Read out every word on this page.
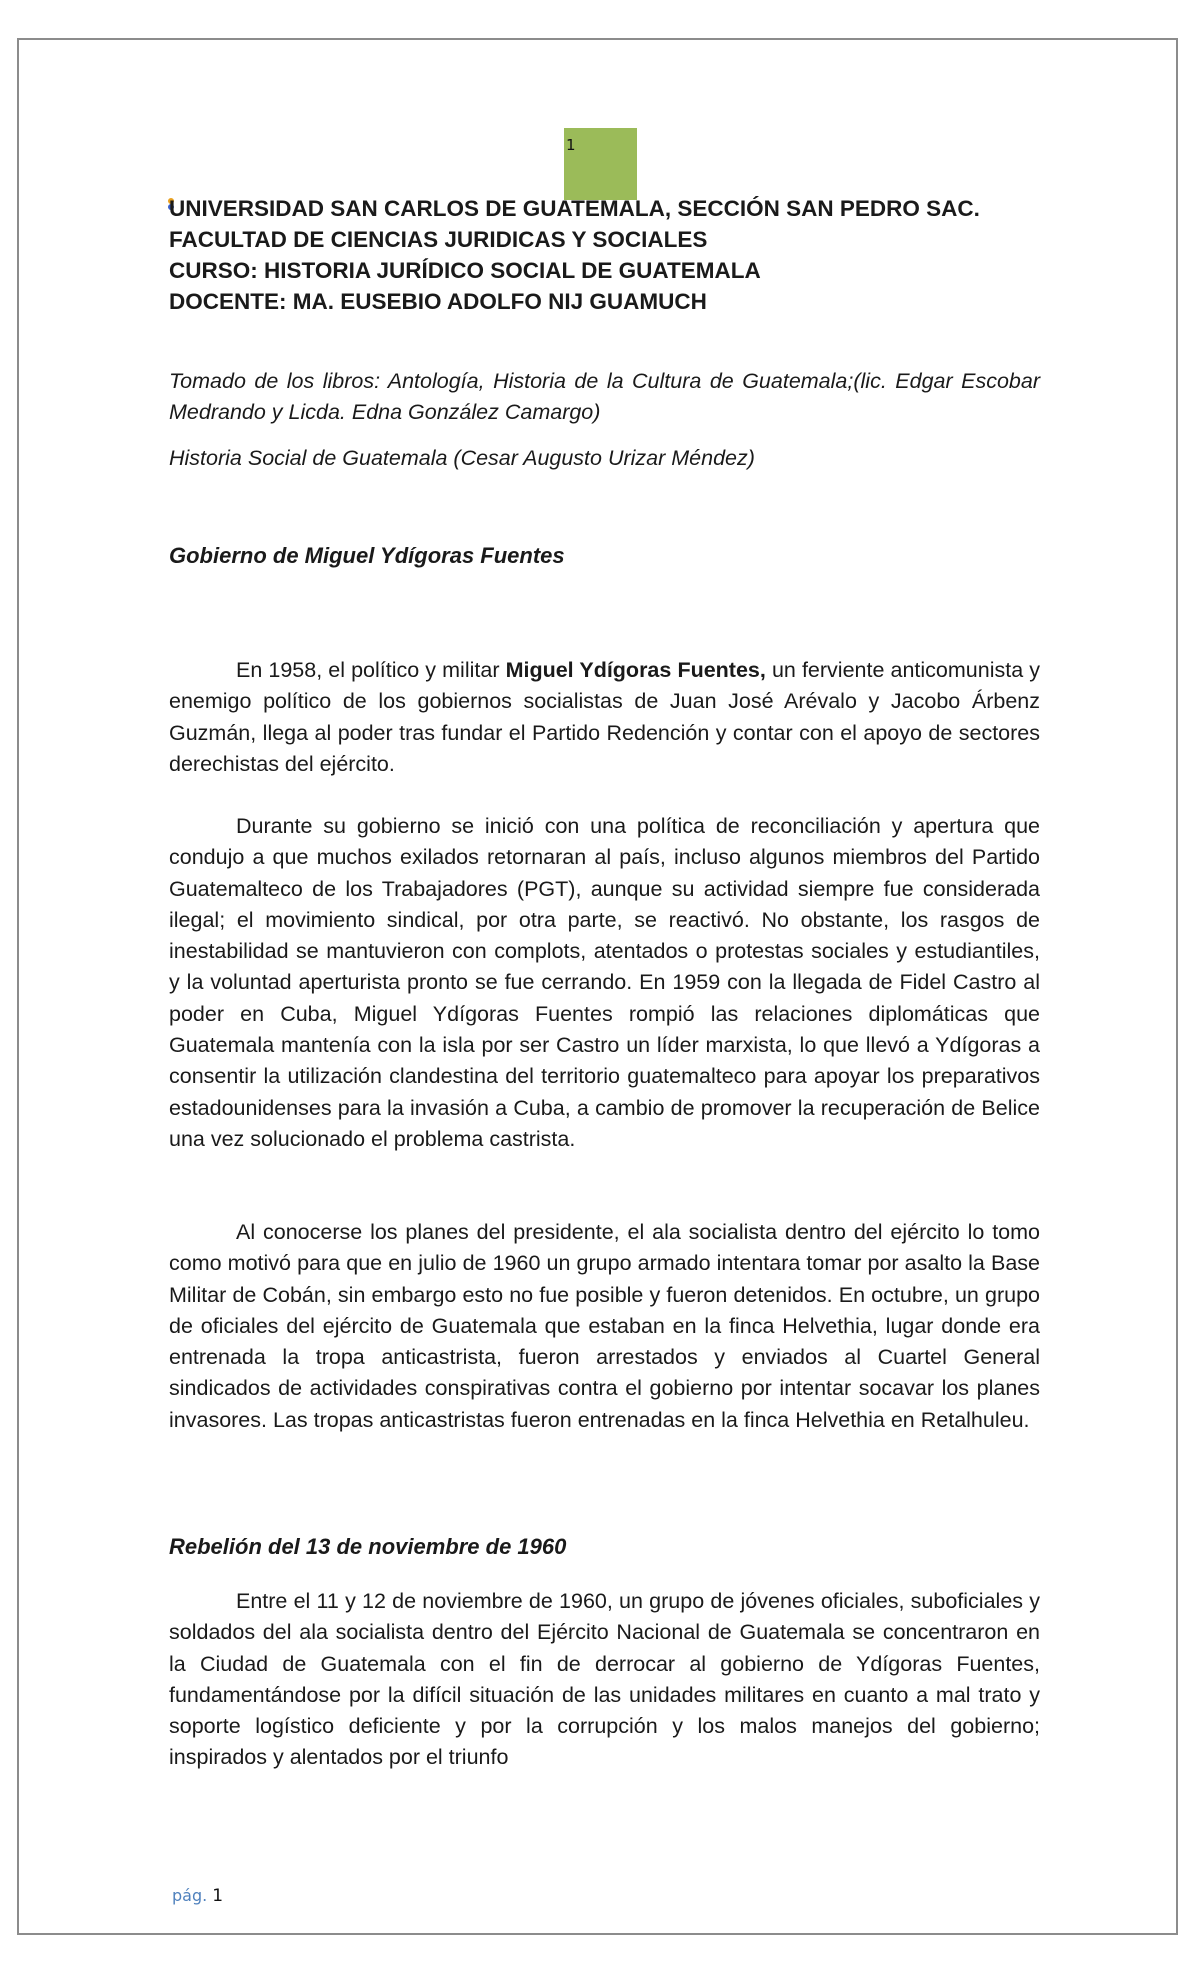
1
UNIVERSIDAD SAN CARLOS DE GUATEMALA, SECCIÓN SAN PEDRO SAC.
FACULTAD DE CIENCIAS JURIDICAS Y SOCIALES
CURSO: HISTORIA JURÍDICO SOCIAL DE GUATEMALA
DOCENTE: MA. EUSEBIO ADOLFO NIJ GUAMUCH
Tomado de los libros: Antología, Historia de la Cultura de Guatemala;(lic. Edgar Escobar Medrando y Licda. Edna González Camargo)
Historia Social de Guatemala (Cesar Augusto Urizar Méndez)
Gobierno de Miguel Ydígoras Fuentes
En 1958, el político y militar Miguel Ydígoras Fuentes, un ferviente anticomunista y enemigo político de los gobiernos socialistas de Juan José Arévalo y Jacobo Árbenz Guzmán, llega al poder tras fundar el Partido Redención y contar con el apoyo de sectores derechistas del ejército.
Durante su gobierno se inició con una política de reconciliación y apertura que condujo a que muchos exilados retornaran al país, incluso algunos miembros del Partido Guatemalteco de los Trabajadores (PGT), aunque su actividad siempre fue considerada ilegal; el movimiento sindical, por otra parte, se reactivó. No obstante, los rasgos de inestabilidad se mantuvieron con complots, atentados o protestas sociales y estudiantiles, y la voluntad aperturista pronto se fue cerrando. En 1959 con la llegada de Fidel Castro al poder en Cuba, Miguel Ydígoras Fuentes rompió las relaciones diplomáticas que Guatemala mantenía con la isla por ser Castro un líder marxista, lo que llevó a Ydígoras a consentir la utilización clandestina del territorio guatemalteco para apoyar los preparativos estadounidenses para la invasión a Cuba, a cambio de promover la recuperación de Belice una vez solucionado el problema castrista.
Al conocerse los planes del presidente, el ala socialista dentro del ejército lo tomo como motivó para que en julio de 1960 un grupo armado intentara tomar por asalto la Base Militar de Cobán, sin embargo esto no fue posible y fueron detenidos. En octubre, un grupo de oficiales del ejército de Guatemala que estaban en la finca Helvethia, lugar donde era entrenada la tropa anticastrista, fueron arrestados y enviados al Cuartel General sindicados de actividades conspirativas contra el gobierno por intentar socavar los planes invasores. Las tropas anticastristas fueron entrenadas en la finca Helvethia en Retalhuleu.
Rebelión del 13 de noviembre de 1960
Entre el 11 y 12 de noviembre de 1960, un grupo de jóvenes oficiales, suboficiales y soldados del ala socialista dentro del Ejército Nacional de Guatemala se concentraron en la Ciudad de Guatemala con el fin de derrocar al gobierno de Ydígoras Fuentes, fundamentándose por la difícil situación de las unidades militares en cuanto a mal trato y soporte logístico deficiente y por la corrupción y los malos manejos del gobierno; inspirados y alentados por el triunfo
pág. 1
